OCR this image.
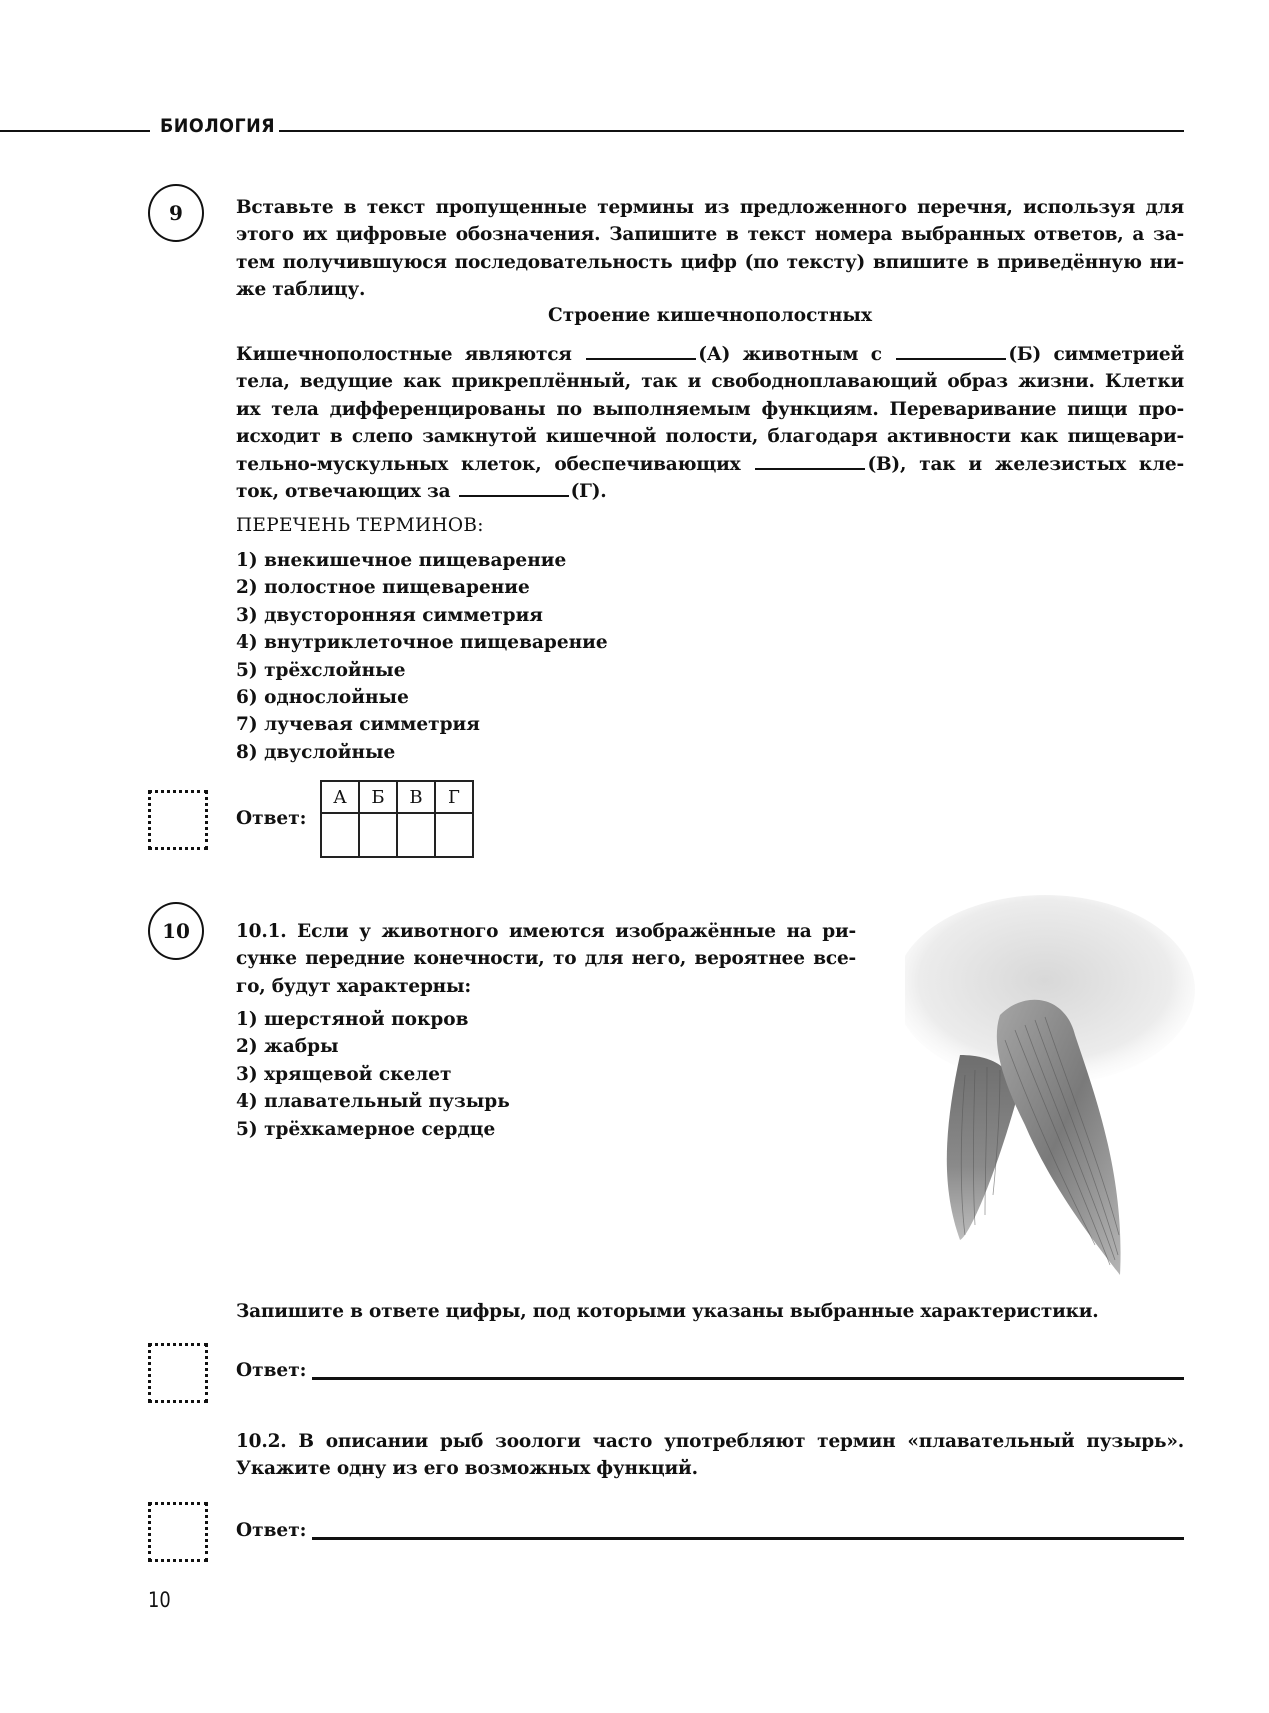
БИОЛОГИЯ
9	Вставьте в текст пропущенные термины из предложенного перечня, используя для
этого их цифровые обозначения. Запишите в текст номера выбранных ответов, а за-
тем получившуюся последовательность цифр (по тексту) впишите в приведённую ни-
же таблицу.
Строение кишечнополостных
Кишечнополостные являются	(А) животным с	(Б) симметрией
тела, ведущие как прикреплённый, так и свободноплавающий образ жизни. Клетки
их тела дифференцированы по выполняемым функциям. Переваривание пищи про-
исходит в слепо замкнутой кишечной полости, благодаря активности как пищевари-
тельно-мускульных клеток, обеспечивающих	(В), так и железистых кле-
ток, отвечающих за	(Г).
ПЕРЕЧЕНЬ ТЕРМИНОВ:
1) внекишечное пищеварение
2) полостное пищеварение
3) двусторонняя симметрия
4) внутриклеточное пищеварение
5) трёхслойные
6) однослойные
7) лучевая симметрия
8) двуслойные
Ответ:
А	Б	В	Г

10 10.1. Если у животного имеются изображённые на ри-
сунке передние конечности, то для него, вероятнее все-
го, будут характерны:
1) шерстяной покров
2) жабры
3) хрящевой скелет
4) плавательный пузырь
5) трёхкамерное сердце
Запишите в ответе цифры, под которыми указаны выбранные характеристики.
Ответ:
10.2. В описании рыб зоологи часто употребляют термин «плавательный пузырь».
Укажите одну из его возможных функций.
Ответ:
10
